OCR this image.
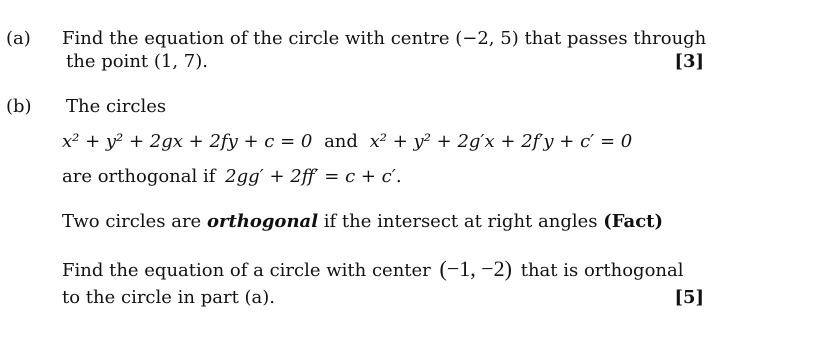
(a) Find the equation of the circle with centre (−2, 5) that passes through
the point (1, 7).	[3]
(b) The circles
x² + y² + 2gx + 2fy + c = 0 and x² + y² + 2g′x + 2f′y + c′ = 0
are orthogonal if 2gg′ + 2ff′ = c + c′.
Two circles are orthogonal if the intersect at right angles (Fact)
Find the equation of a circle with center (−1, −2) that is orthogonal
to the circle in part (a).	[5]
